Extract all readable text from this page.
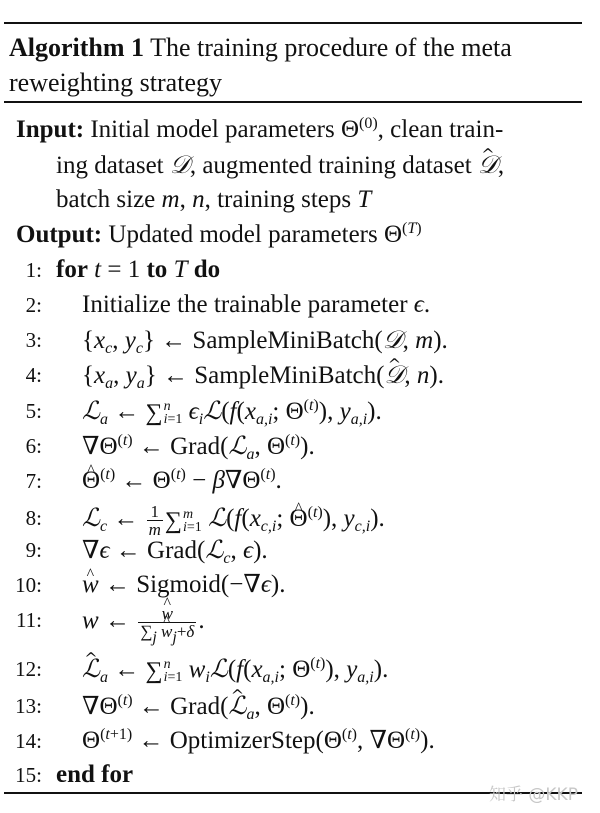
Algorithm 1 The training procedure of the meta
reweighting strategy
Input: Initial model parameters $\Theta^{(0)}$, clean train-
ing dataset 𝒟, augmented training dataset ^ 𝒟,
batch size m, n, training steps T
Output: Updated model parameters $\Theta^{(T)}$
1: for t = 1 to T do
2: Initialize the trainable parameter ϵ.
3: {$x_c$, $y_c$} ← SampleMiniBatch(𝒟, m).
4: {$x_a$, $y_a$} ← SampleMiniBatch(^ 𝒟, n).
5: ℒ$_a$ ← ∑ n
i=1 $\epsilon_iℒ(f(x_{a,i}$; $\Theta^{(t)}$), $y_{a,i}$).
6: $\nabla\Theta^{(t)}$ ← Grad(ℒ$_a$, $\Theta^{(t)}$).
7: ^ $\Theta^{(t)}$ ← $\Theta^{(t)} - \beta\nabla\Theta^{(t)}$.
8: ℒ$_c$ ← $\frac{1}{m}$ ∑ m
i=1 $ℒ(f(x_{c,i}$; ^ $\Theta^{(t)}$), $y_{c,i}$).
9: ∇ϵ ← Grad(ℒ$_c$, ϵ).
10: ^ w ← Sigmoid(−∇ϵ).
11: w ← ^ $\frac{w}{\sum_j \^{} w_j+\delta}$ .
12: ^ ℒ$_a$ ← ∑ n
i=1 $w_iℒ(f(x_{a,i}$; $\Theta^{(t)}$), $y_{a,i}$).
13: $\nabla\Theta^{(t)}$ ← Grad(^ ℒ$_a$, $\Theta^{(t)}$).
14: $\Theta^{(t+1)}$ ← $OptimizerStep(\Theta^{(t)}$, $\nabla\Theta^{(t)}$).
15: end for
知乎 @KKP
